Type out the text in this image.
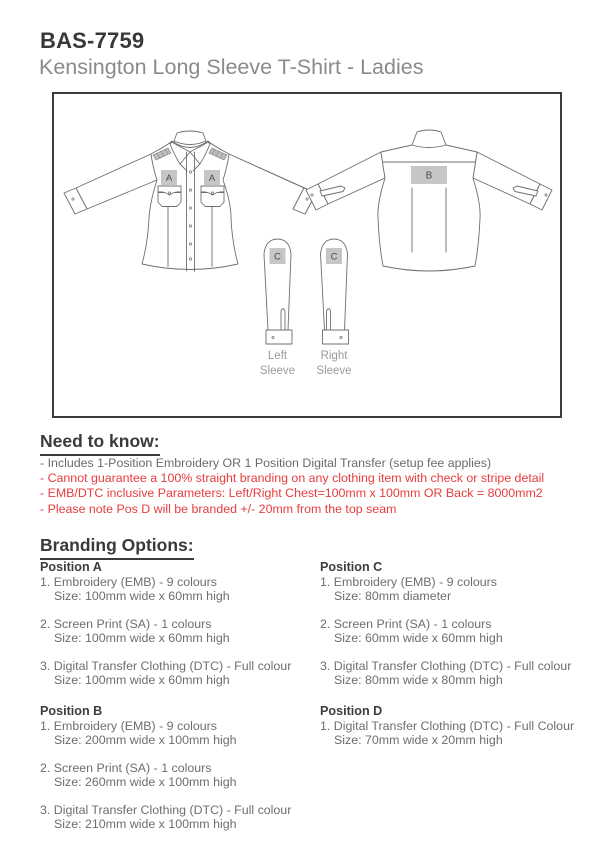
BAS-7759
Kensington Long Sleeve T-Shirt - Ladies
A	A	B
C
Left
Sleeve
C
Right
Sleeve
Need to know:
- Includes 1-Position Embroidery OR 1 Position Digital Transfer (setup fee applies)
- Cannot guarantee a 100% straight branding on any clothing item with check or stripe detail
- EMB/DTC inclusive Parameters: Left/Right Chest=100mm x 100mm OR Back = 8000mm2
- Please note Pos D will be branded +/- 20mm from the top seam
Branding Options:
Position A
1. Embroidery (EMB) - 9 colours
Size: 100mm wide x 60mm high
2. Screen Print (SA) - 1 colours
Size: 100mm wide x 60mm high
3. Digital Transfer Clothing (DTC) - Full colour
Size: 100mm wide x 60mm high
Position C
1. Embroidery (EMB) - 9 colours
Size: 80mm diameter
2. Screen Print (SA) - 1 colours
Size: 60mm wide x 60mm high
3. Digital Transfer Clothing (DTC) - Full colour
Size: 80mm wide x 80mm high
Position B
1. Embroidery (EMB) - 9 colours
Size: 200mm wide x 100mm high
2. Screen Print (SA) - 1 colours
Size: 260mm wide x 100mm high
3. Digital Transfer Clothing (DTC) - Full colour
Size: 210mm wide x 100mm high
Position D
1. Digital Transfer Clothing (DTC) - Full Colour
Size: 70mm wide x 20mm high
